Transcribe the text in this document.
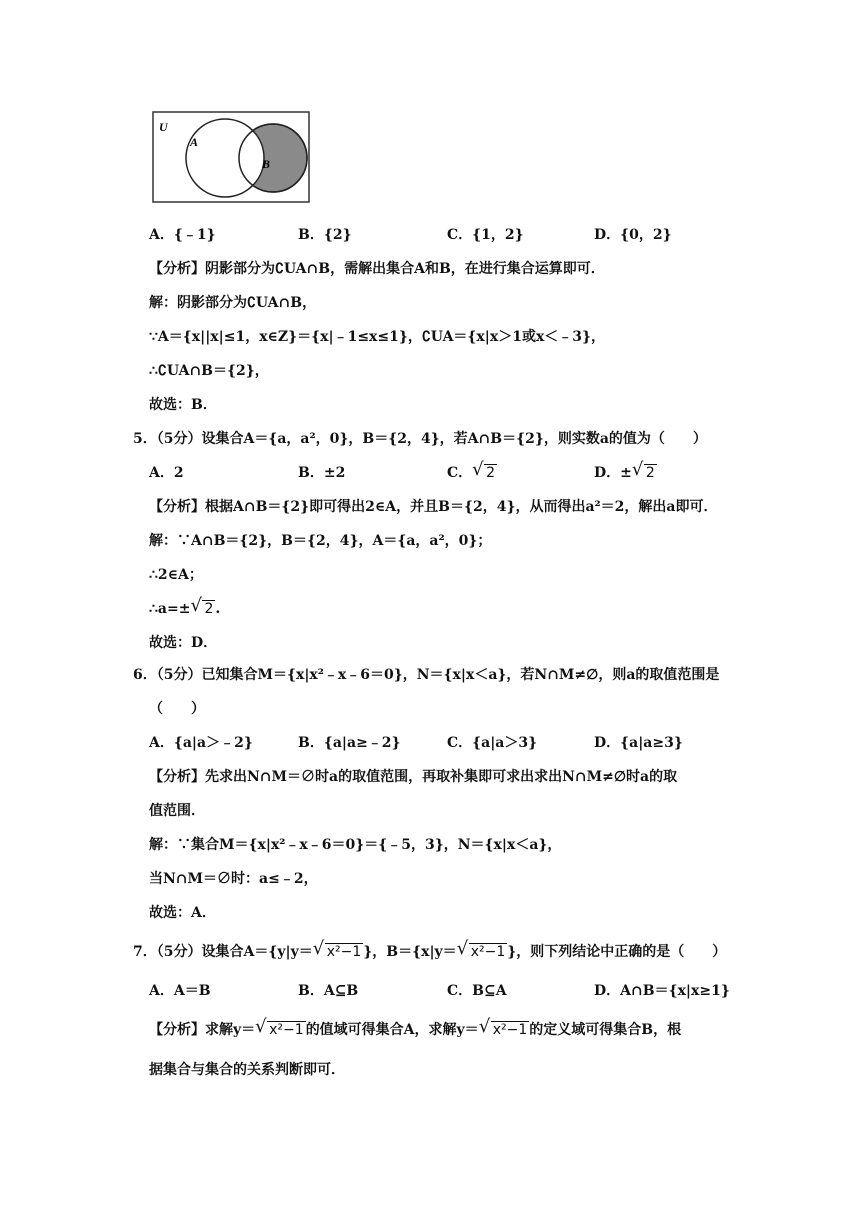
U
A
B
A．{﹣1}	B．{2}	C．{1，2}	D．{0，2}
【分析】阴影部分为∁UA∩B，需解出集合A和B，在进行集合运算即可．
解：阴影部分为∁UA∩B，
∵A＝{x||x|≤1，x∈Z}＝{x|﹣1≤x≤1}，∁UA＝{x|x＞1或x＜﹣3}，
∴∁UA∩B＝{2}，
故选：B．
5．（5分）设集合A＝{a，a²，0}，B＝{2，4}，若A∩B＝{2}，则实数a的值为（　　）
A．2	B．±2	C． √ 2	D．± √ 2
【分析】根据A∩B＝{2}即可得出2∈A，并且B＝{2，4}，从而得出a²＝2，解出a即可．
解：∵A∩B＝{2}，B＝{2，4}，A＝{a，a²，0}；
∴2∈A；
∴a=± √ 2 .
故选：D．
6．（5分）已知集合M＝{x|x²﹣x﹣6＝0}，N＝{x|x＜a}，若N∩M≠∅，则a的取值范围是
（　　）
A．{a|a＞﹣2}	B．{a|a≥﹣2}	C．{a|a＞3}	D．{a|a≥3}
【分析】先求出N∩M＝∅时a的取值范围，再取补集即可求出求出N∩M≠∅时a的取
值范围．
解：∵集合M＝{x|x²﹣x﹣6＝0}＝{﹣5，3}，N＝{x|x＜a}，
当N∩M＝∅时：a≤﹣2，
故选：A．
7．（5分）设集合A＝{y|y＝ √ x²−1 }，B＝{x|y＝ √ x²−1 }，则下列结论中正确的是（　　）
A．A＝B	B．A⊆B	C．B⊆A	D．A∩B＝{x|x≥1}
【分析】求解y＝ √ x²−1 的值域可得集合A，求解y＝ √ x²−1 的定义域可得集合B，根
据集合与集合的关系判断即可．
